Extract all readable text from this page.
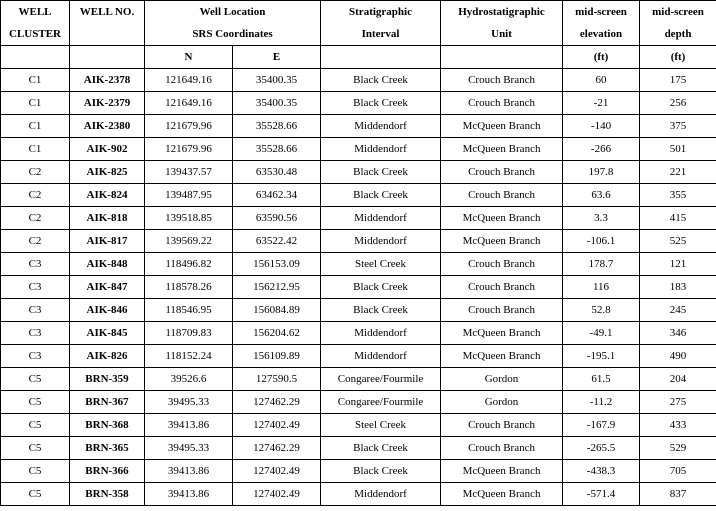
WELL	WELL NO.	Well Location		Stratigraphic	Hydrostatigraphic	mid-screen	mid-screen
CLUSTER		SRS Coordinates		Interval	Unit	elevation	depth
		N	E			(ft)	(ft)
C1	AIK-2378	121649.16	35400.35	Black Creek	Crouch Branch	60	175
C1	AIK-2379	121649.16	35400.35	Black Creek	Crouch Branch	-21	256
C1	AIK-2380	121679.96	35528.66	Middendorf	McQueen Branch	-140	375
C1	AIK-902	121679.96	35528.66	Middendorf	McQueen Branch	-266	501
C2	AIK-825	139437.57	63530.48	Black Creek	Crouch Branch	197.8	221
C2	AIK-824	139487.95	63462.34	Black Creek	Crouch Branch	63.6	355
C2	AIK-818	139518.85	63590.56	Middendorf	McQueen Branch	3.3	415
C2	AIK-817	139569.22	63522.42	Middendorf	McQueen Branch	-106.1	525
C3	AIK-848	118496.82	156153.09	Steel Creek	Crouch Branch	178.7	121
C3	AIK-847	118578.26	156212.95	Black Creek	Crouch Branch	116	183
C3	AIK-846	118546.95	156084.89	Black Creek	Crouch Branch	52.8	245
C3	AIK-845	118709.83	156204.62	Middendorf	McQueen Branch	-49.1	346
C3	AIK-826	118152.24	156109.89	Middendorf	McQueen Branch	-195.1	490
C5	BRN-359	39526.6	127590.5	Congaree/Fourmile	Gordon	61.5	204
C5	BRN-367	39495.33	127462.29	Congaree/Fourmile	Gordon	-11.2	275
C5	BRN-368	39413.86	127402.49	Steel Creek	Crouch Branch	-167.9	433
C5	BRN-365	39495.33	127462.29	Black Creek	Crouch Branch	-265.5	529
C5	BRN-366	39413.86	127402.49	Black Creek	McQueen Branch	-438.3	705
C5	BRN-358	39413.86	127402.49	Middendorf	McQueen Branch	-571.4	837
